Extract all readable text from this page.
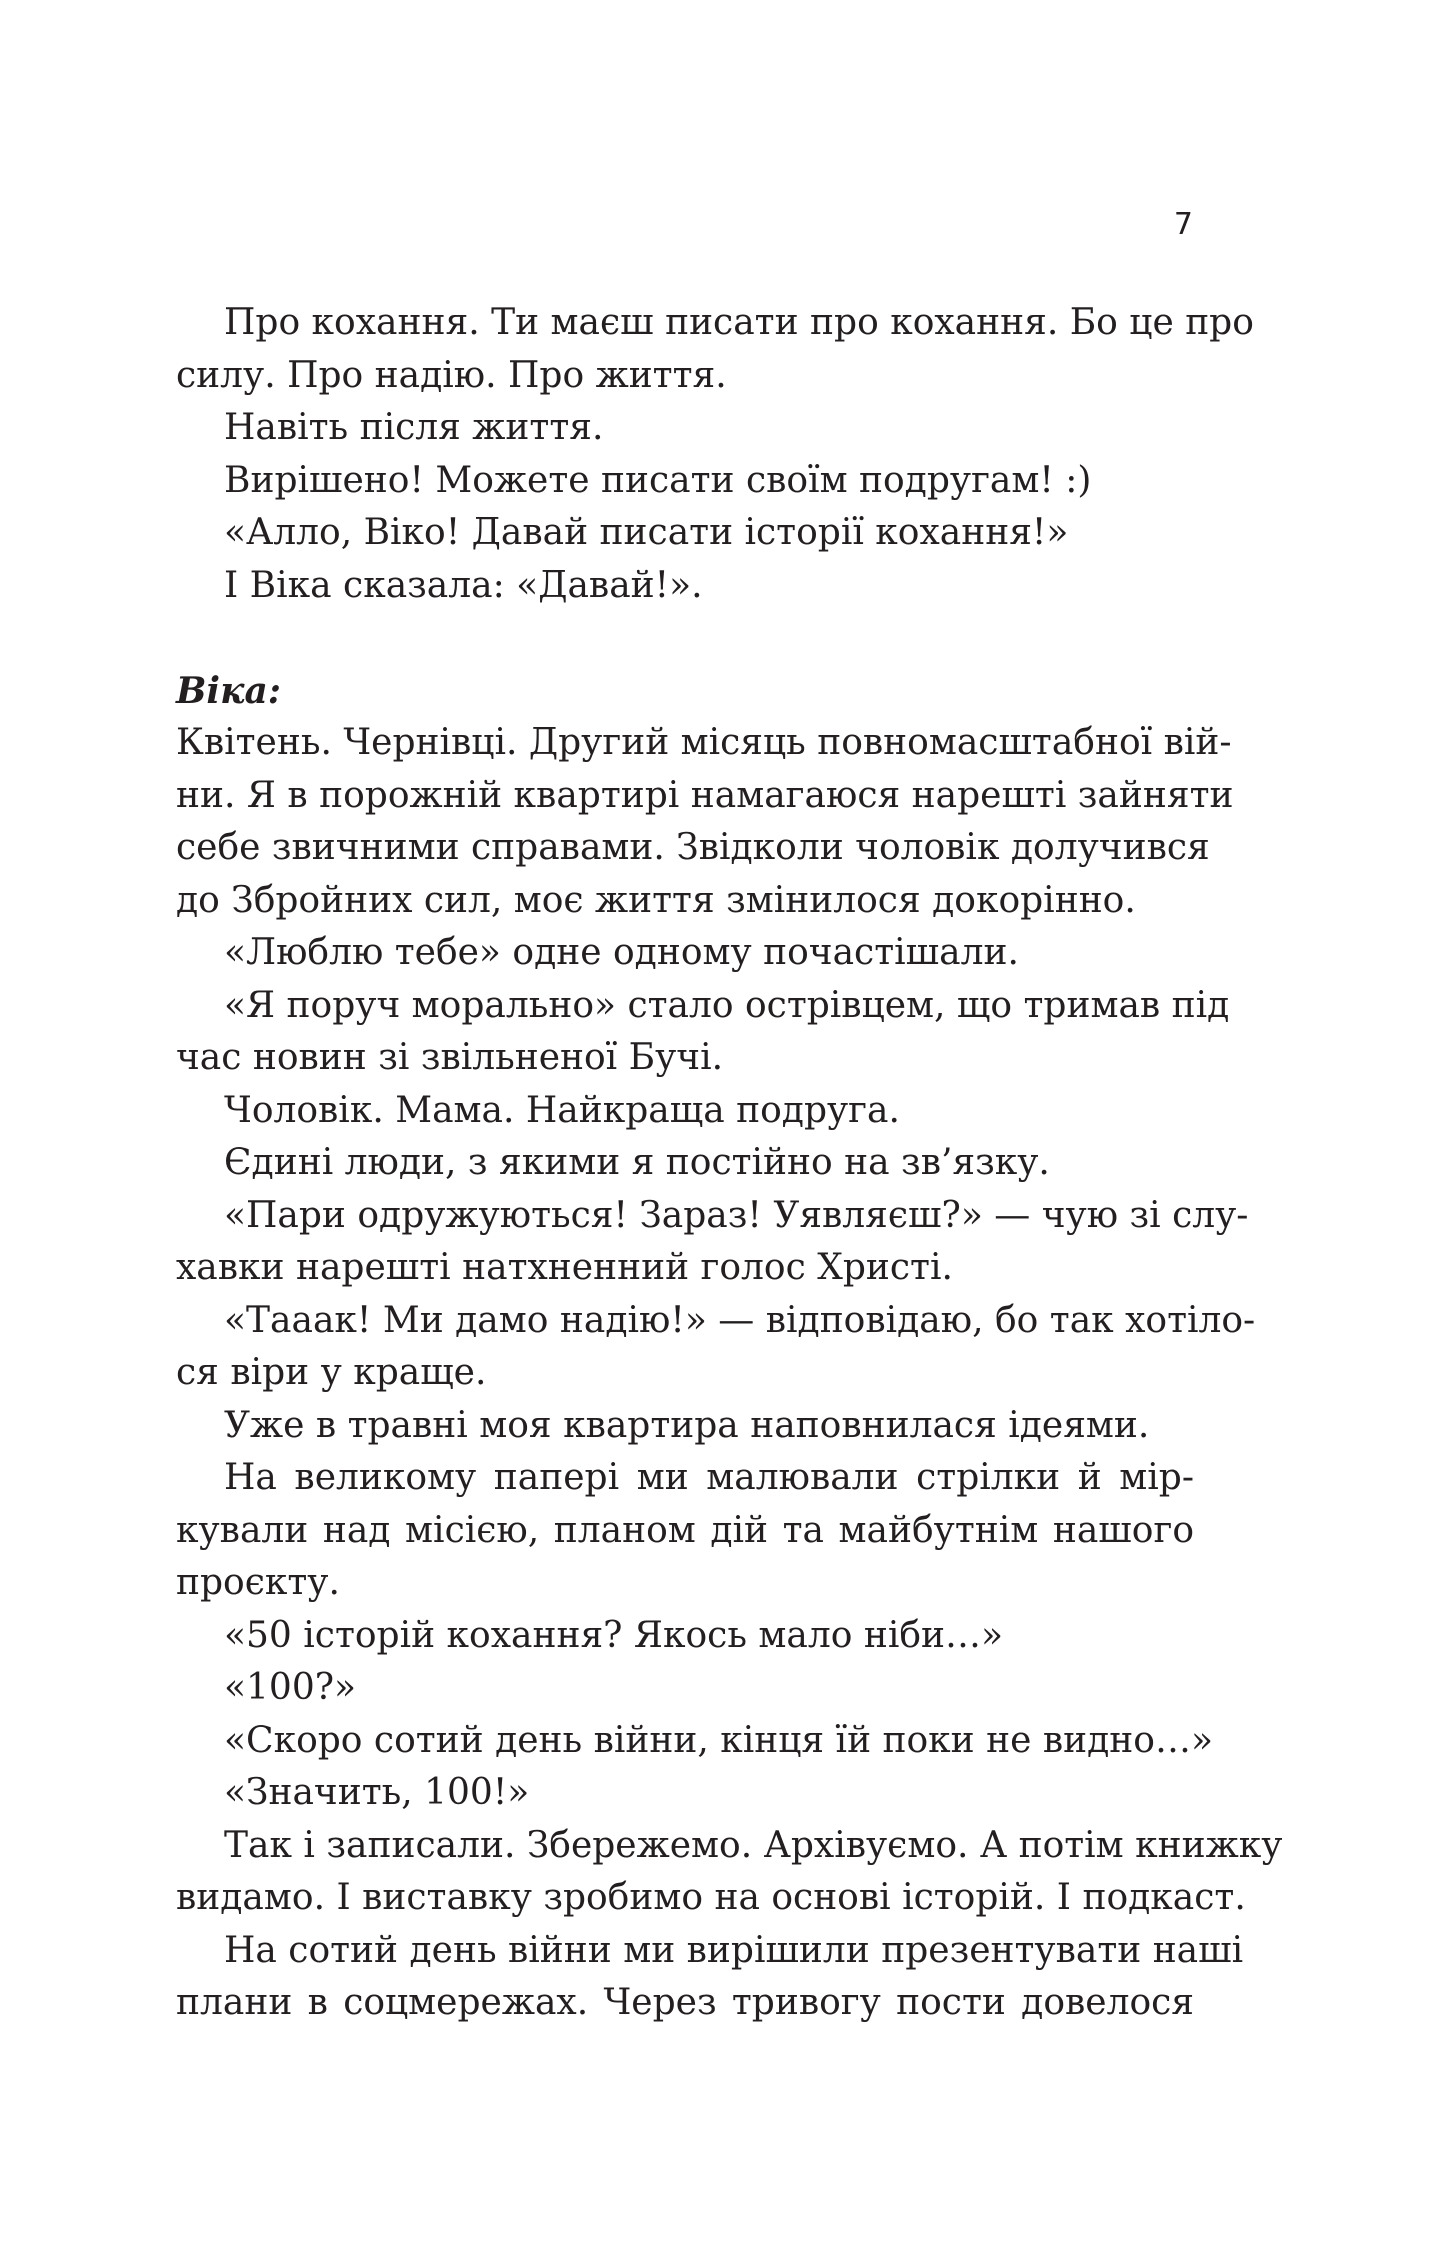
7
Про кохання. Ти маєш писати про кохання. Бо це про
силу. Про надію. Про життя.
Навіть після життя.
Вирішено! Можете писати своїм подругам! :)
«Алло, Віко! Давай писати історії кохання!»
І Віка сказала: «Давай!».
Віка:
Квітень. Чернівці. Другий місяць повномасштабної вій-
ни. Я в порожній квартирі намагаюся нарешті зайняти
себе звичними справами. Звідколи чоловік долучився
до Збройних сил, моє життя змінилося докорінно.
«Люблю тебе» одне одному почастішали.
«Я поруч морально» стало острівцем, що тримав під
час новин зі звільненої Бучі.
Чоловік. Мама. Найкраща подруга.
Єдині люди, з якими я постійно на зв’язку.
«Пари одружуються! Зараз! Уявляєш?» — чую зі слу-
хавки нарешті натхненний голос Христі.
«Тааак! Ми дамо надію!» — відповідаю, бо так хотіло-
ся віри у краще.
Уже в травні моя квартира наповнилася ідеями.
На великому папері ми малювали стрілки й мір-
кували над місією, планом дій та майбутнім нашого
проєкту.
«50 історій кохання? Якось мало ніби…»
«100?»
«Скоро сотий день війни, кінця їй поки не видно…»
«Значить, 100!»
Так і записали. Збережемо. Архівуємо. А потім книжку
видамо. І виставку зробимо на основі історій. І подкаст.
На сотий день війни ми вирішили презентувати наші
плани в соцмережах. Через тривогу пости довелося
